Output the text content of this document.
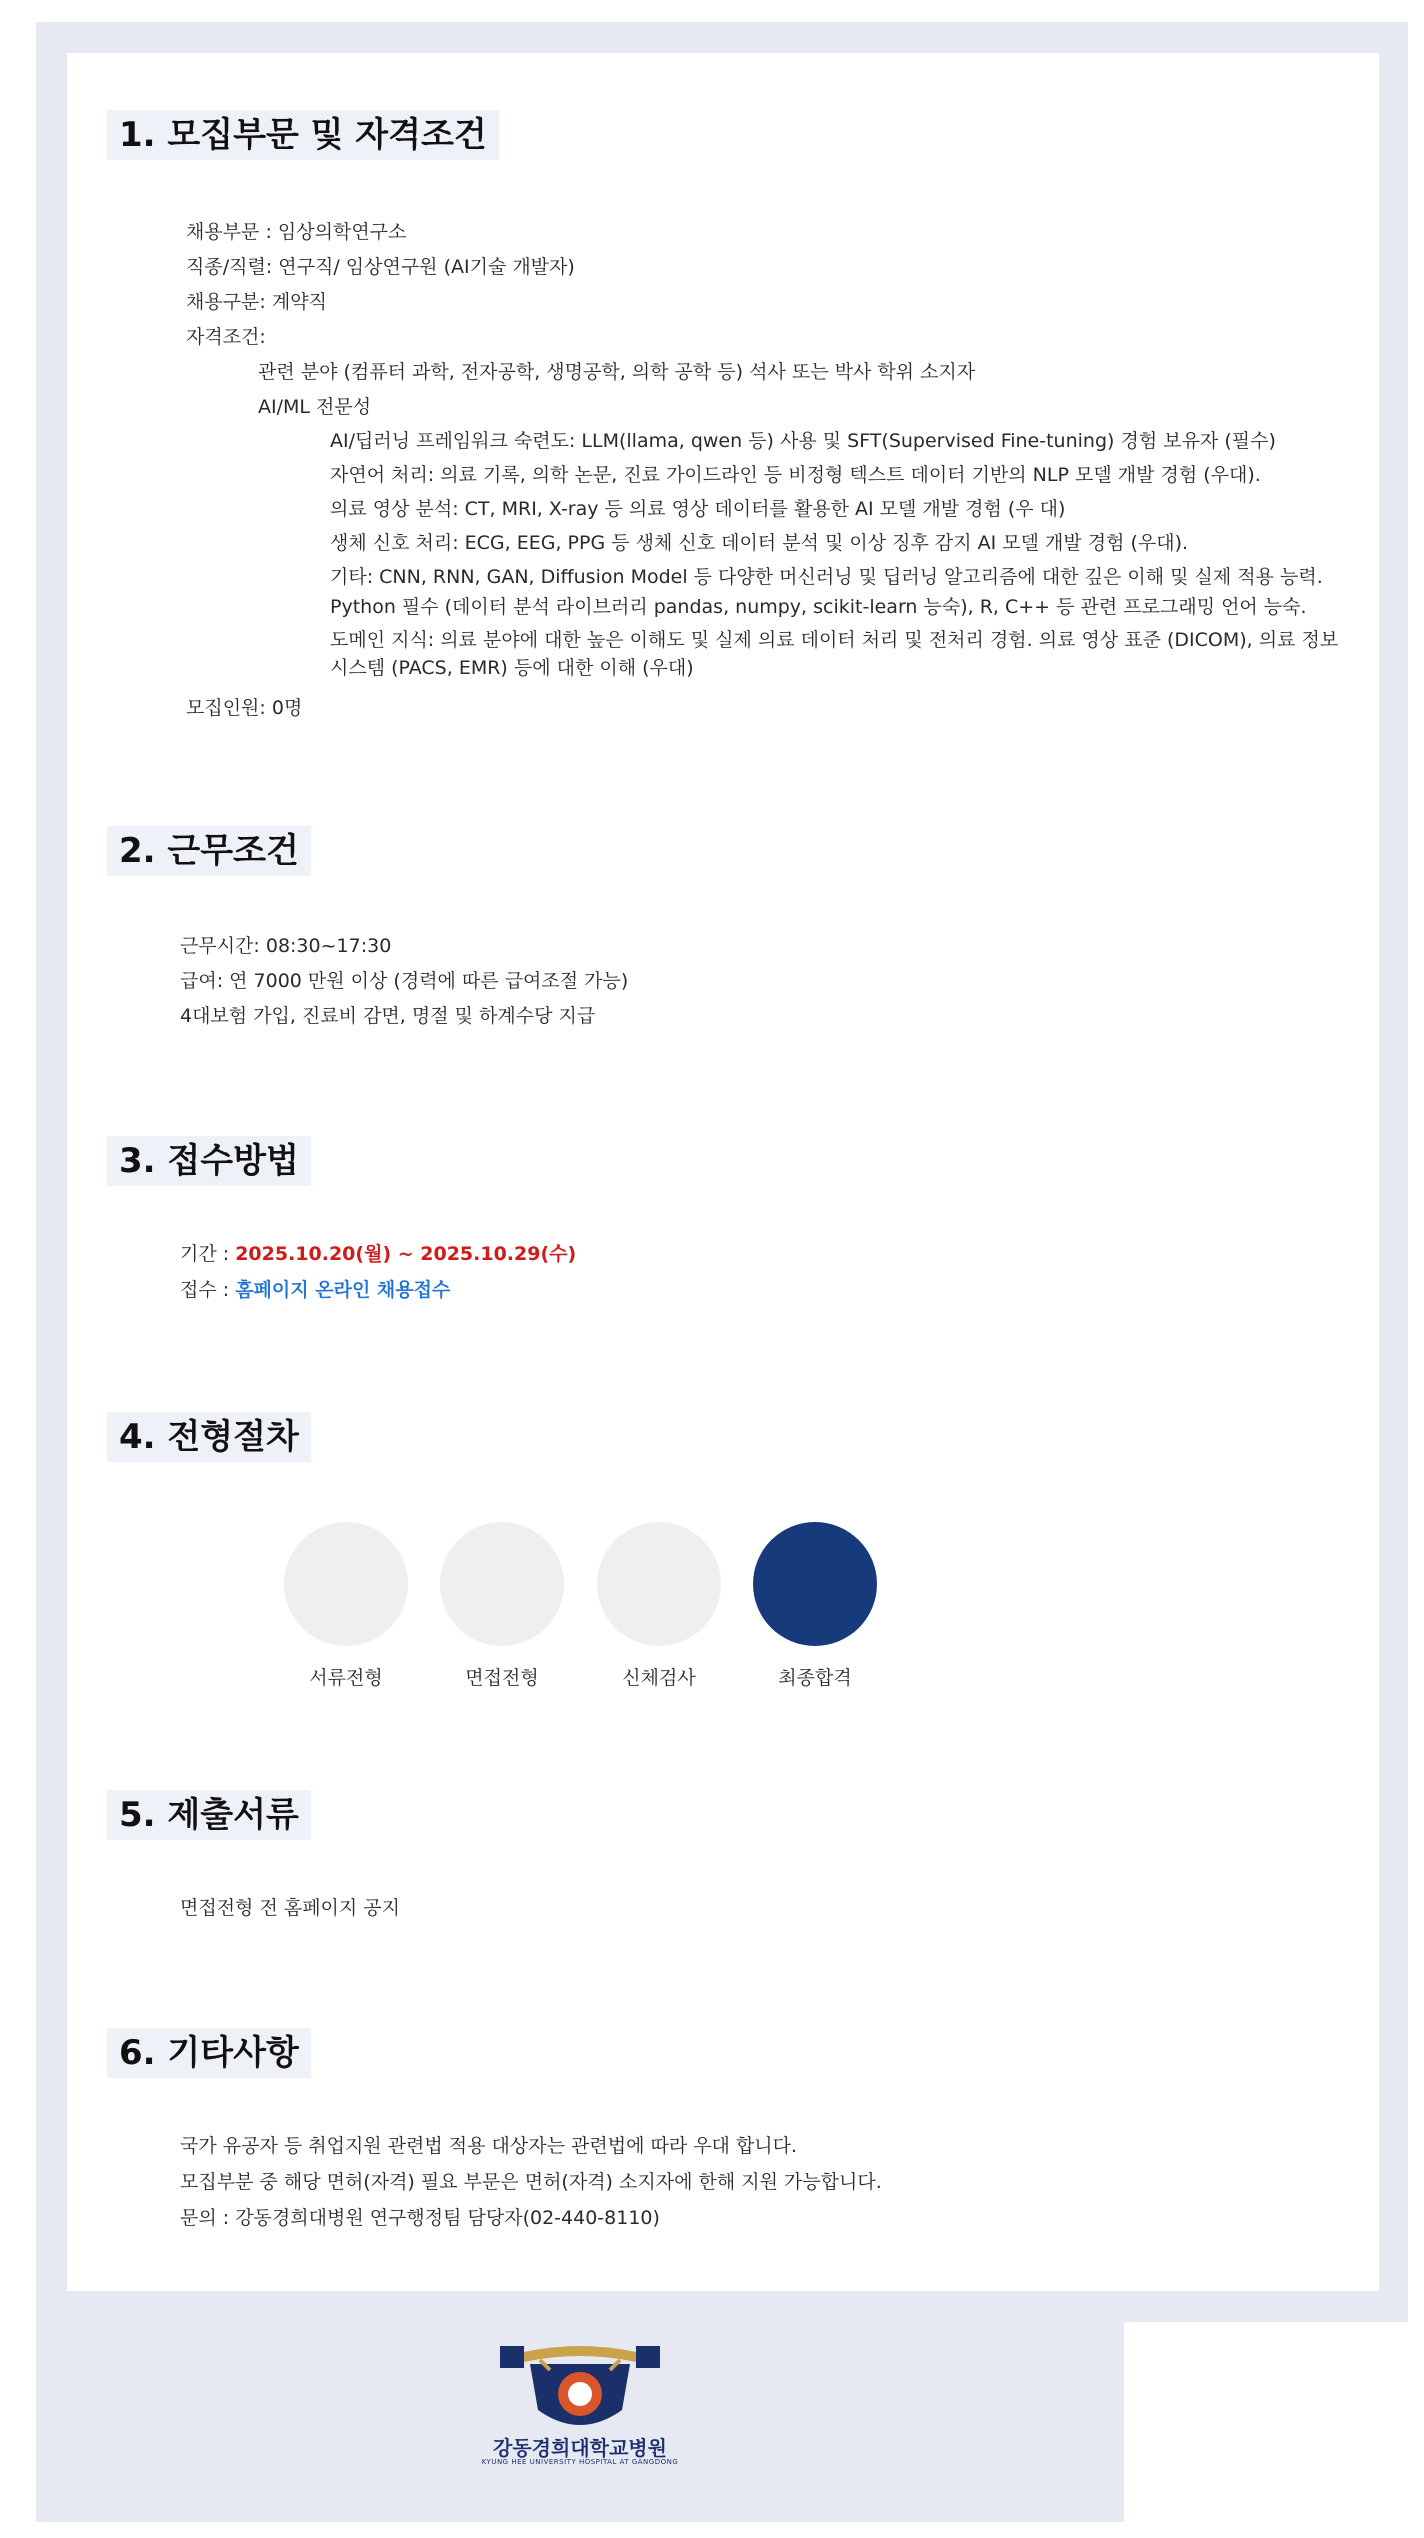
1. 모집부문 및 자격조건
채용부문 : 임상의학연구소
직종/직렬: 연구직/ 임상연구원 (AI기술 개발자)
채용구분: 계약직
자격조건:
관련 분야 (컴퓨터 과학, 전자공학, 생명공학, 의학 공학 등) 석사 또는 박사 학위 소지자
AI/ML 전문성
AI/딥러닝 프레임워크 숙련도: LLM(llama, qwen 등) 사용 및 SFT(Supervised Fine-tuning) 경험 보유자 (필수)
자연어 처리: 의료 기록, 의학 논문, 진료 가이드라인 등 비정형 텍스트 데이터 기반의 NLP 모델 개발 경험 (우대).
의료 영상 분석: CT, MRI, X-ray 등 의료 영상 데이터를 활용한 AI 모델 개발 경험 (우 대)
생체 신호 처리: ECG, EEG, PPG 등 생체 신호 데이터 분석 및 이상 징후 감지 AI 모델 개발 경험 (우대).
기타: CNN, RNN, GAN, Diffusion Model 등 다양한 머신러닝 및 딥러닝 알고리즘에 대한 깊은 이해 및 실제 적용 능력.
Python 필수 (데이터 분석 라이브러리 pandas, numpy, scikit-learn 능숙), R, C++ 등 관련 프로그래밍 언어 능숙.
도메인 지식: 의료 분야에 대한 높은 이해도 및 실제 의료 데이터 처리 및 전처리 경험. 의료 영상 표준 (DICOM), 의료 정보 시스템 (PACS, EMR) 등에 대한 이해 (우대)
모집인원: 0명
2. 근무조건
근무시간: 08:30~17:30
급여: 연 7000 만원 이상 (경력에 따른 급여조절 가능)
4대보험 가입, 진료비 감면, 명절 및 하계수당 지급
3. 접수방법
기간 : 2025.10.20(월) ~ 2025.10.29(수)
접수 : 홈페이지 온라인 채용접수
4. 전형절차
서류전형	면접전형	신체검사	최종합격
5. 제출서류
면접전형 전 홈페이지 공지
6. 기타사항
국가 유공자 등 취업지원 관련법 적용 대상자는 관련법에 따라 우대 합니다.
모집부분 중 해당 면허(자격) 필요 부문은 면허(자격) 소지자에 한해 지원 가능합니다.
문의 : 강동경희대병원 연구행정팀 담당자(02-440-8110)
강동경희대학교병원
KYUNG HEE UNIVERSITY HOSPITAL AT GANGDONG
